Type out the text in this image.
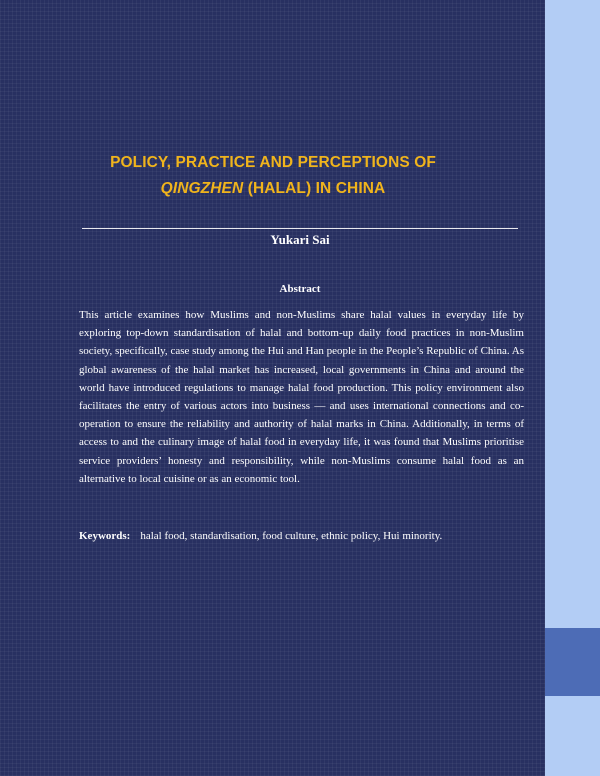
POLICY, PRACTICE AND PERCEPTIONS OF QINGZHEN (HALAL) IN CHINA

Yukari Sai

Abstract

This article examines how Muslims and non-Muslims share halal values in everyday life by exploring top-down standardisation of halal and bottom-up daily food practices in non-Muslim society, specifically, case study among the Hui and Han people in the People’s Republic of China. As global awareness of the halal market has increased, local governments in China and around the world have introduced regulations to manage halal food production. This policy environment also facilitates the entry of various actors into business — and uses international connections and co-operation to ensure the reliability and authority of halal marks in China. Additionally, in terms of access to and the culinary image of halal food in everyday life, it was found that Muslims prioritise service providers’ honesty and responsibility, while non-Muslims consume halal food as an alternative to local cuisine or as an economic tool.

Keywords: halal food, standardisation, food culture, ethnic policy, Hui minority.
